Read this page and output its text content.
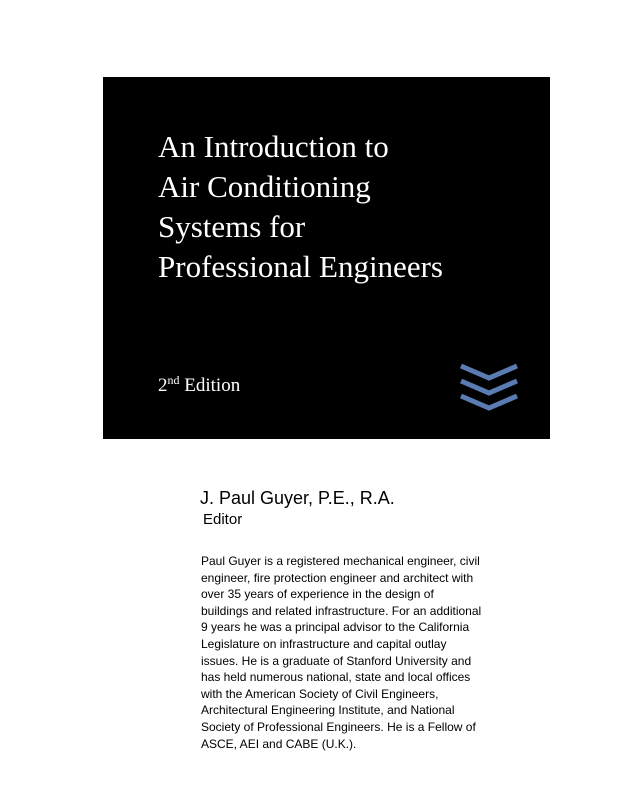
An Introduction to
Air Conditioning
Systems for
Professional Engineers
2nd Edition
J. Paul Guyer, P.E., R.A.
Editor
Paul Guyer is a registered mechanical engineer, civil
engineer, fire protection engineer and architect with
over 35 years of experience in the design of
buildings and related infrastructure. For an additional
9 years he was a principal advisor to the California
Legislature on infrastructure and capital outlay
issues. He is a graduate of Stanford University and
has held numerous national, state and local offices
with the American Society of Civil Engineers,
Architectural Engineering Institute, and National
Society of Professional Engineers. He is a Fellow of
ASCE, AEI and CABE (U.K.).
